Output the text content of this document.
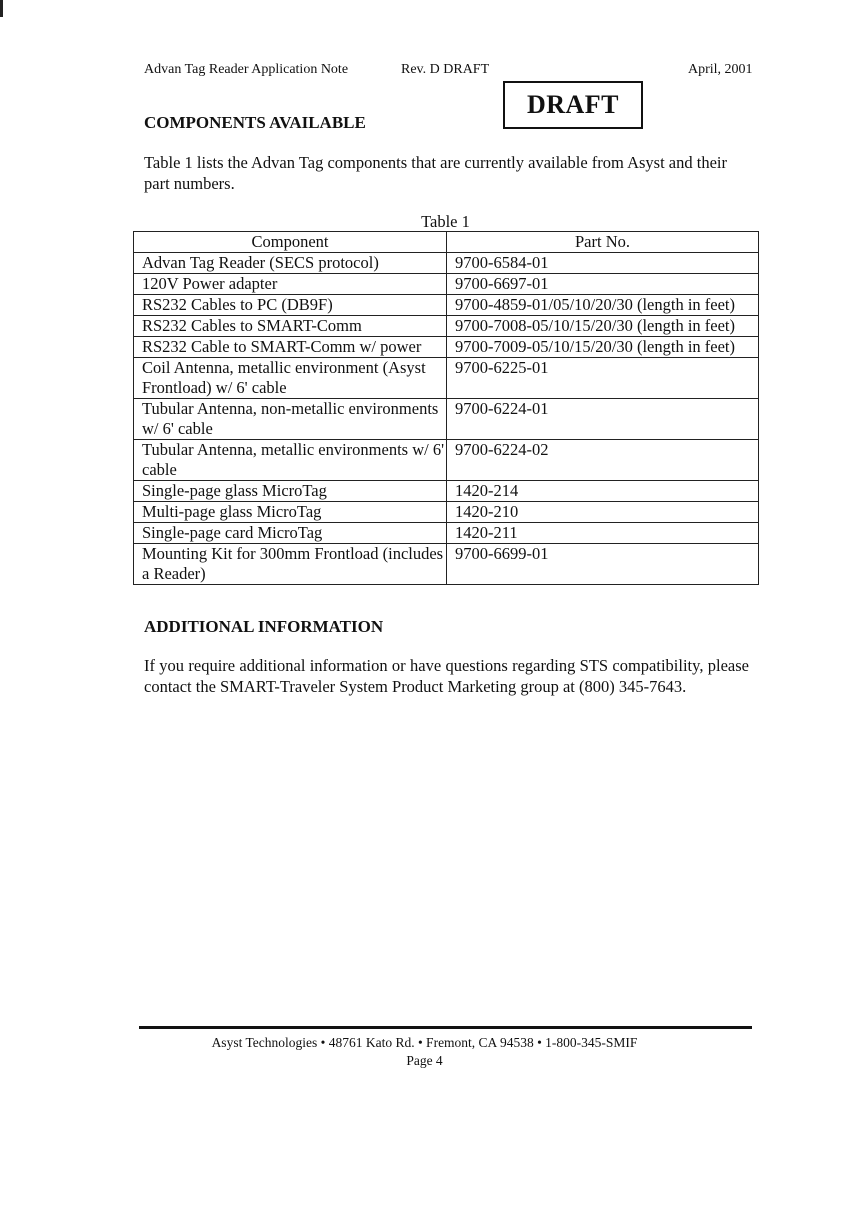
Advan Tag Reader Application Note	Rev. D DRAFT	April, 2001
DRAFT
COMPONENTS AVAILABLE
Table 1 lists the Advan Tag components that are currently available from Asyst and their part numbers.
Table 1
Component	Part No.
Advan Tag Reader (SECS protocol)	9700-6584-01
120V Power adapter	9700-6697-01
RS232 Cables to PC (DB9F)	9700-4859-01/05/10/20/30 (length in feet)
RS232 Cables to SMART-Comm	9700-7008-05/10/15/20/30 (length in feet)
RS232 Cable to SMART-Comm w/ power	9700-7009-05/10/15/20/30 (length in feet)
Coil Antenna, metallic environment (Asyst Frontload) w/ 6' cable	9700-6225-01
Tubular Antenna, non-metallic environments w/ 6' cable	9700-6224-01
Tubular Antenna, metallic environments w/ 6' cable	9700-6224-02
Single-page glass MicroTag	1420-214
Multi-page glass MicroTag	1420-210
Single-page card MicroTag	1420-211
Mounting Kit for 300mm Frontload (includes a Reader)	9700-6699-01
ADDITIONAL INFORMATION
If you require additional information or have questions regarding STS compatibility, please contact the SMART-Traveler System Product Marketing group at (800) 345-7643.
Asyst Technologies • 48761 Kato Rd. • Fremont, CA 94538 • 1-800-345-SMIF
Page 4
